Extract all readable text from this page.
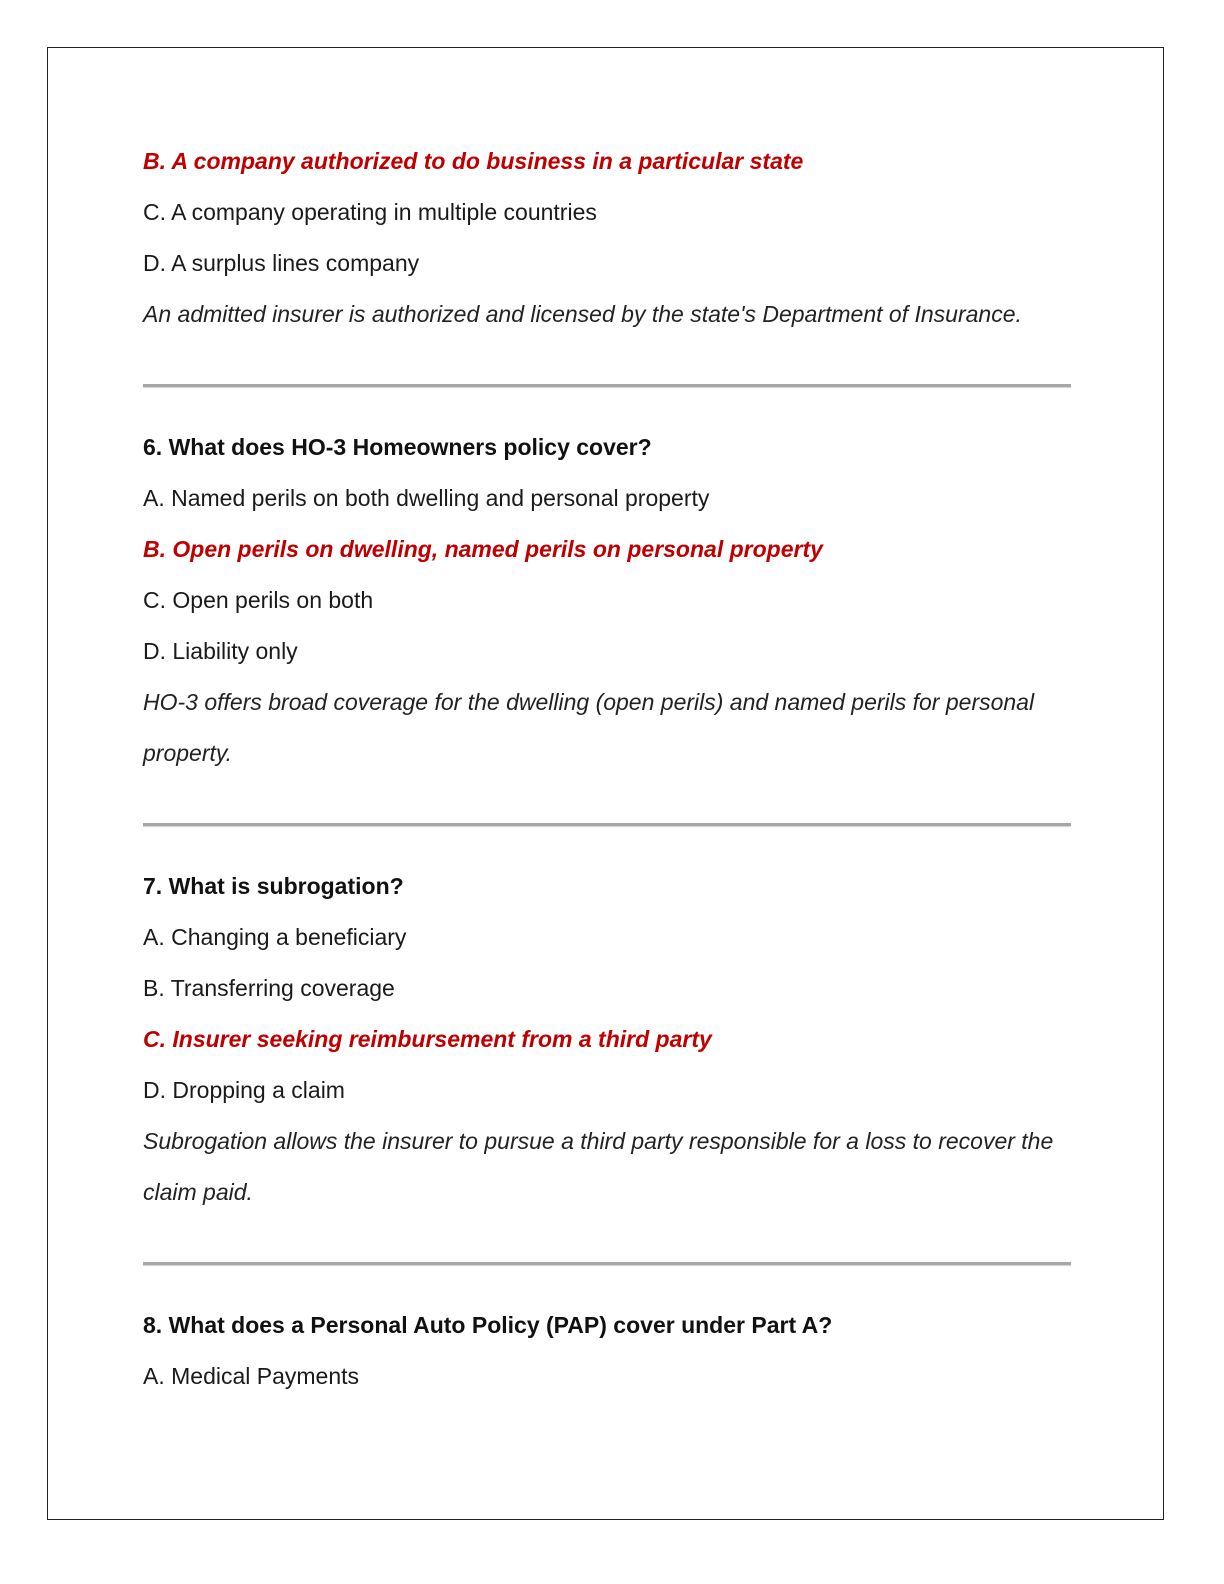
B. A company authorized to do business in a particular state
C. A company operating in multiple countries
D. A surplus lines company
An admitted insurer is authorized and licensed by the state's Department of Insurance.
6. What does HO-3 Homeowners policy cover?
A. Named perils on both dwelling and personal property
B. Open perils on dwelling, named perils on personal property
C. Open perils on both
D. Liability only
HO-3 offers broad coverage for the dwelling (open perils) and named perils for personal property.
7. What is subrogation?
A. Changing a beneficiary
B. Transferring coverage
C. Insurer seeking reimbursement from a third party
D. Dropping a claim
Subrogation allows the insurer to pursue a third party responsible for a loss to recover the claim paid.
8. What does a Personal Auto Policy (PAP) cover under Part A?
A. Medical Payments
